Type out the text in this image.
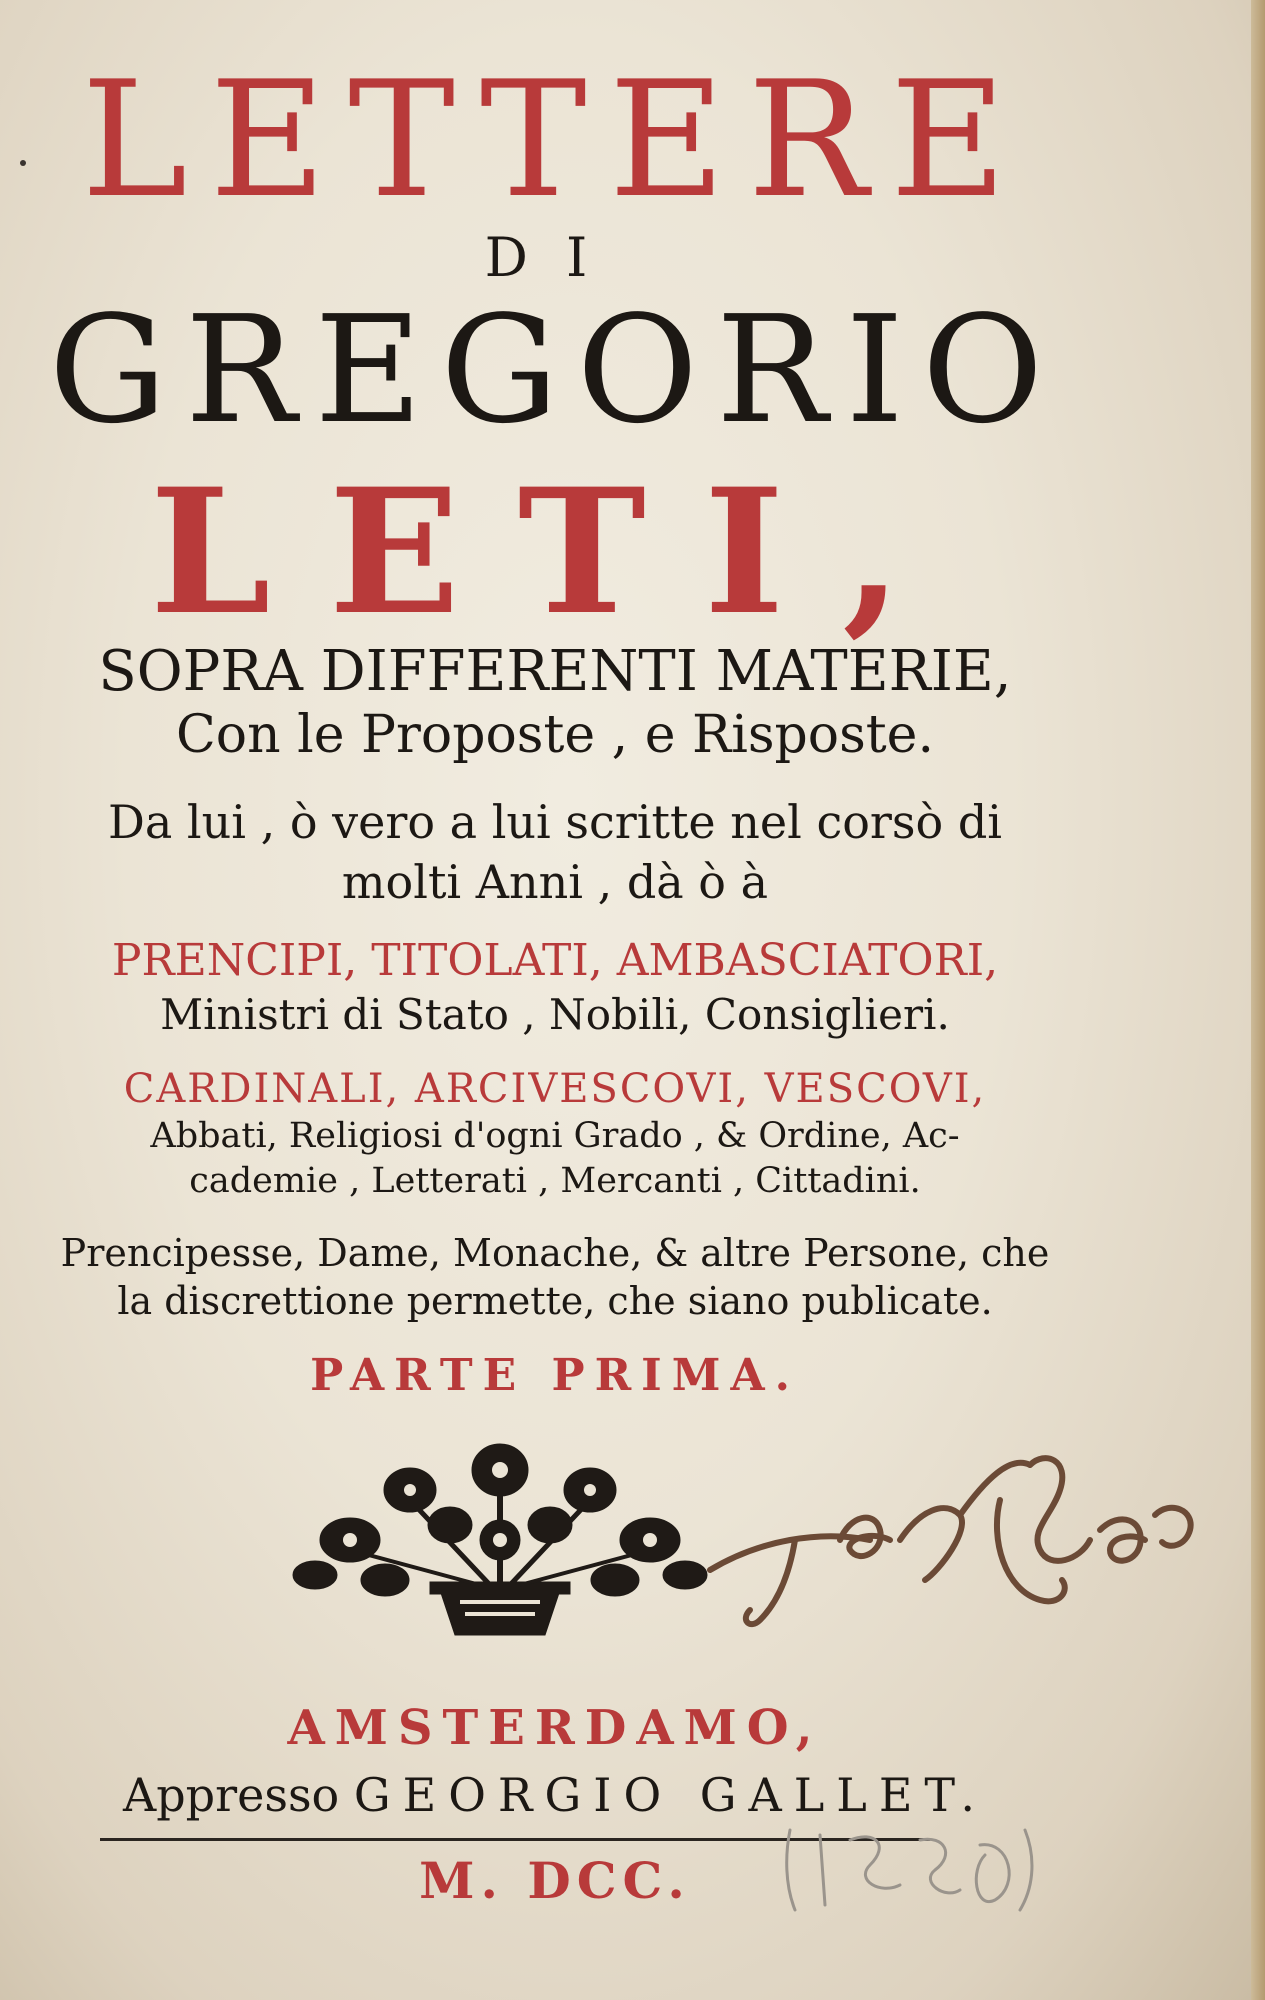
LETTERE
DI
GREGORIO
LETI,
SOPRA DIFFERENTI MATERIE,
Con le Proposte , e Risposte.
Da lui , ò vero a lui scritte nel corsò di
molti Anni , dà ò à
PRENCIPI, TITOLATI, AMBASCIATORI,
Ministri di Stato , Nobili, Consiglieri.
CARDINALI, ARCIVESCOVI, VESCOVI,
Abbati, Religiosi d'ogni Grado , & Ordine, Ac-
cademie , Letterati , Mercanti , Cittadini.
Prencipesse, Dame, Monache, & altre Persone, che
la discrettione permette, che siano publicate.
PARTE PRIMA.
AMSTERDAMO,
Appresso GEORGIO GALLET.
M. DCC.
